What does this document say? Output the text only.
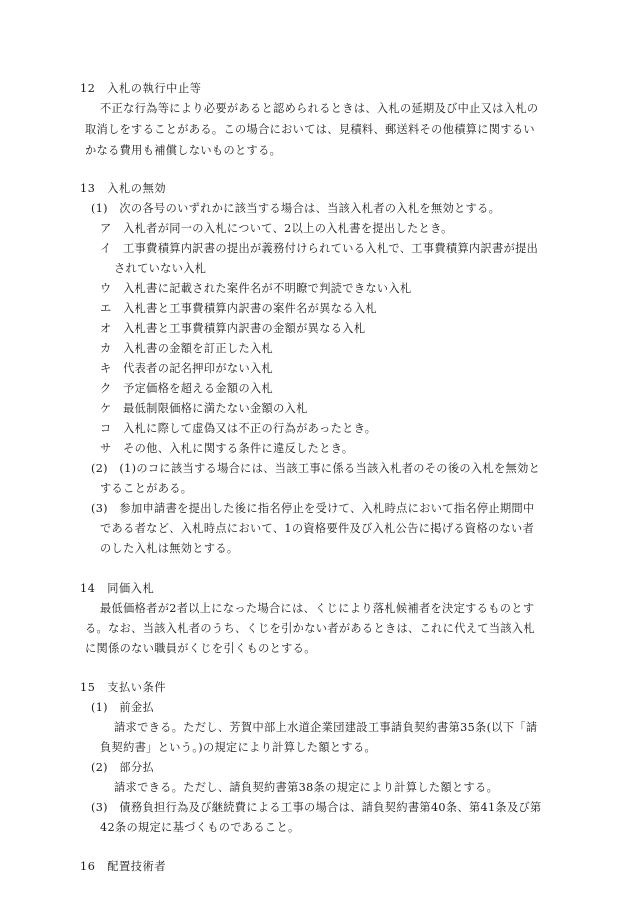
12　入札の執行中止等
不正な行為等により必要があると認められるときは、入札の延期及び中止又は入札の
取消しをすることがある。この場合においては、見積料、郵送料その他積算に関するい
かなる費用も補償しないものとする。
13　入札の無効
(1)　次の各号のいずれかに該当する場合は、当該入札者の入札を無効とする。
ア　入札者が同一の入札について、2以上の入札書を提出したとき。
イ　工事費積算内訳書の提出が義務付けられている入札で、工事費積算内訳書が提出
されていない入札
ウ　入札書に記載された案件名が不明瞭で判読できない入札
エ　入札書と工事費積算内訳書の案件名が異なる入札
オ　入札書と工事費積算内訳書の金額が異なる入札
カ　入札書の金額を訂正した入札
キ　代表者の記名押印がない入札
ク　予定価格を超える金額の入札
ケ　最低制限価格に満たない金額の入札
コ　入札に際して虚偽又は不正の行為があったとき。
サ　その他、入札に関する条件に違反したとき。
(2)　(1)のコに該当する場合には、当該工事に係る当該入札者のその後の入札を無効と
することがある。
(3)　参加申請書を提出した後に指名停止を受けて、入札時点において指名停止期間中
である者など、入札時点において、1の資格要件及び入札公告に掲げる資格のない者
のした入札は無効とする。
14　同価入札
最低価格者が2者以上になった場合には、くじにより落札候補者を決定するものとす
る。なお、当該入札者のうち、くじを引かない者があるときは、これに代えて当該入札
に関係のない職員がくじを引くものとする。
15　支払い条件
(1)　前金払
請求できる。ただし、芳賀中部上水道企業団建設工事請負契約書第35条(以下「請
負契約書」という。)の規定により計算した額とする。
(2)　部分払
請求できる。ただし、請負契約書第38条の規定により計算した額とする。
(3)　債務負担行為及び継続費による工事の場合は、請負契約書第40条、第41条及び第
42条の規定に基づくものであること。
16　配置技術者
